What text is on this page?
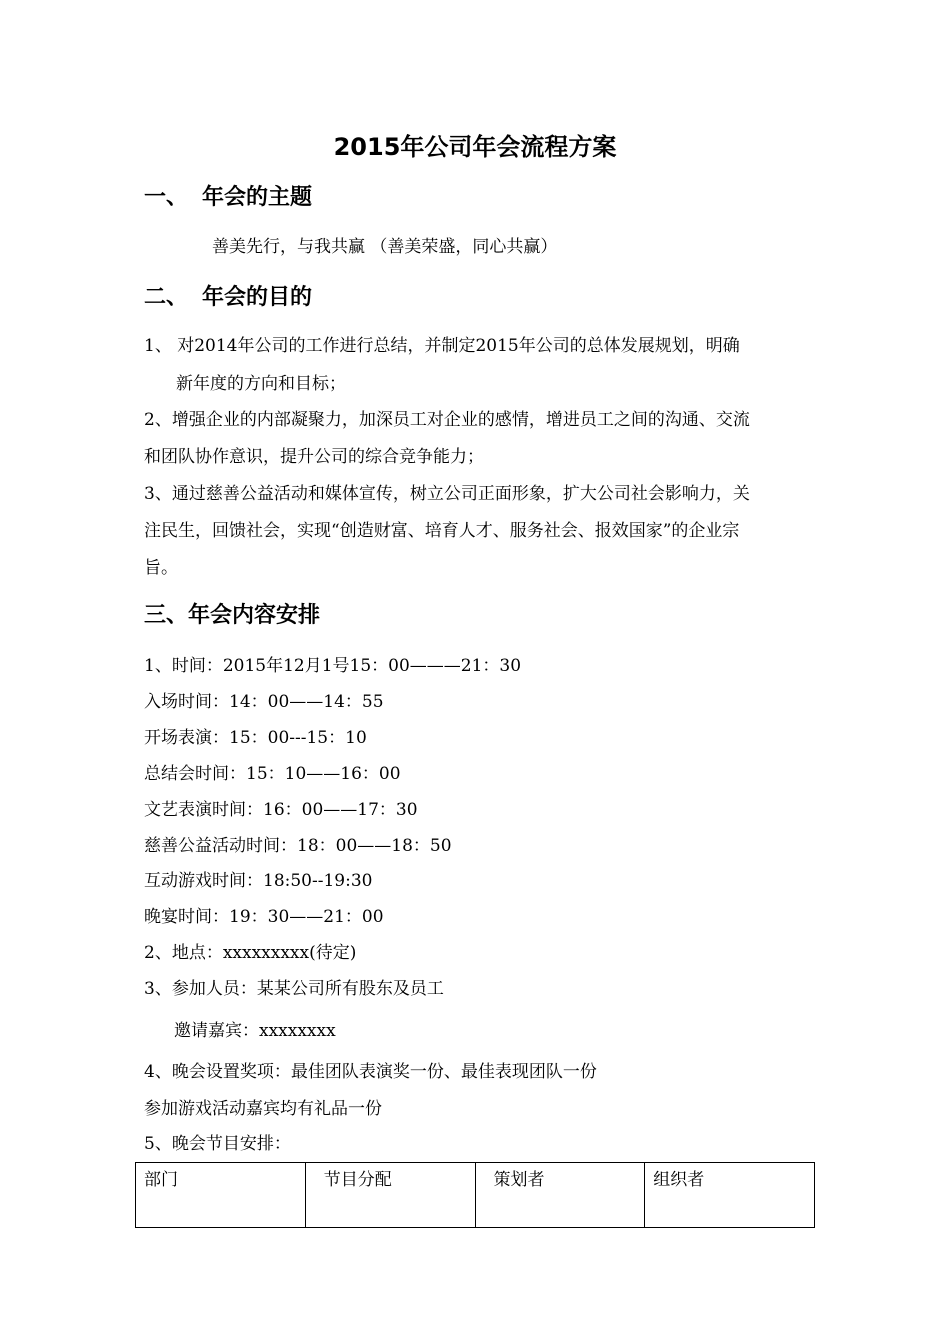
2015年公司年会流程方案
一、 年会的主题
善美先行，与我共赢 （善美荣盛，同心共赢）
二、 年会的目的
1、 对2014年公司的工作进行总结，并制定2015年公司的总体发展规划，明确
新年度的方向和目标；
2、增强企业的内部凝聚力，加深员工对企业的感情，增进员工之间的沟通、交流
和团队协作意识，提升公司的综合竞争能力；
3、通过慈善公益活动和媒体宣传，树立公司正面形象，扩大公司社会影响力，关
注民生，回馈社会，实现“创造财富、培育人才、服务社会、报效国家”的企业宗
旨。
三、年会内容安排
1、时间：2015年12月1号15：00———21：30
入场时间：14：00——14：55
开场表演：15：00---15：10
总结会时间：15：10——16：00
文艺表演时间：16：00——17：30
慈善公益活动时间：18：00——18：50
互动游戏时间：18:50--19:30
晚宴时间：19：30——21：00
2、地点：xxxxxxxxx(待定)
3、参加人员：某某公司所有股东及员工
邀请嘉宾：xxxxxxxx
4、晚会设置奖项：最佳团队表演奖一份、最佳表现团队一份
参加游戏活动嘉宾均有礼品一份
5、晚会节目安排：
部门	节目分配	策划者	组织者
